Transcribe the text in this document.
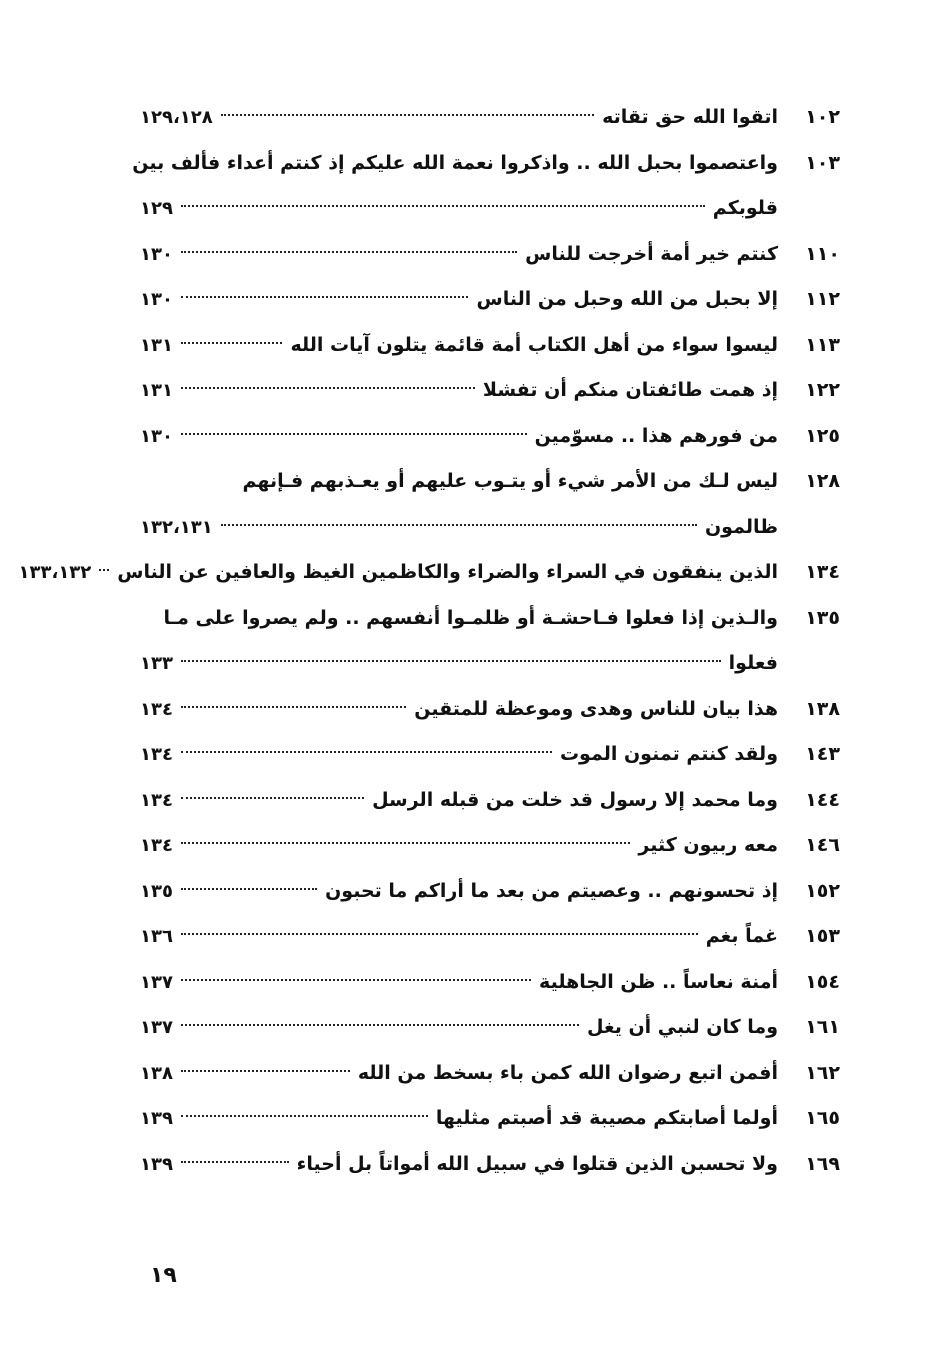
١٠٢
اتقوا الله حق تقاته
١٢٩،١٢٨
١٠٣
واعتصموا بحبل الله .. واذكروا نعمة الله عليكم إذ كنتم أعداء فألف بين
قلوبكم
١٢٩
١١٠
كنتم خير أمة أخرجت للناس
١٣٠
١١٢
إلا بحبل من الله وحبل من الناس
١٣٠
١١٣
ليسوا سواء من أهل الكتاب أمة قائمة يتلون آيات الله
١٣١
١٢٢
إذ همت طائفتان منكم أن تفشلا
١٣١
١٢٥
من فورهم هذا .. مسوّمين
١٣٠
١٢٨
ليس لـك من الأمر شيء أو يتـوب عليهم أو يعـذبهم فـإنهم
ظالمون
١٣٢،١٣١
١٣٤
الذين ينفقون في السراء والضراء والكاظمين الغيظ والعافين عن الناس
١٣٣،١٣٢
١٣٥
والـذين إذا فعلوا فـاحشـة أو ظلمـوا أنفسهم .. ولم يصروا على مـا
فعلوا
١٣٣
١٣٨
هذا بيان للناس وهدى وموعظة للمتقين
١٣٤
١٤٣
ولقد كنتم تمنون الموت
١٣٤
١٤٤
وما محمد إلا رسول قد خلت من قبله الرسل
١٣٤
١٤٦
معه ربيون كثير
١٣٤
١٥٢
إذ تحسونهم .. وعصيتم من بعد ما أراكم ما تحبون
١٣٥
١٥٣
غماً بغم
١٣٦
١٥٤
أمنة نعاساً .. ظن الجاهلية
١٣٧
١٦١
وما كان لنبي أن يغل
١٣٧
١٦٢
أفمن اتبع رضوان الله كمن باء بسخط من الله
١٣٨
١٦٥
أولما أصابتكم مصيبة قد أصبتم مثليها
١٣٩
١٦٩
ولا تحسبن الذين قتلوا في سبيل الله أمواتاً بل أحياء
١٣٩
١٩
